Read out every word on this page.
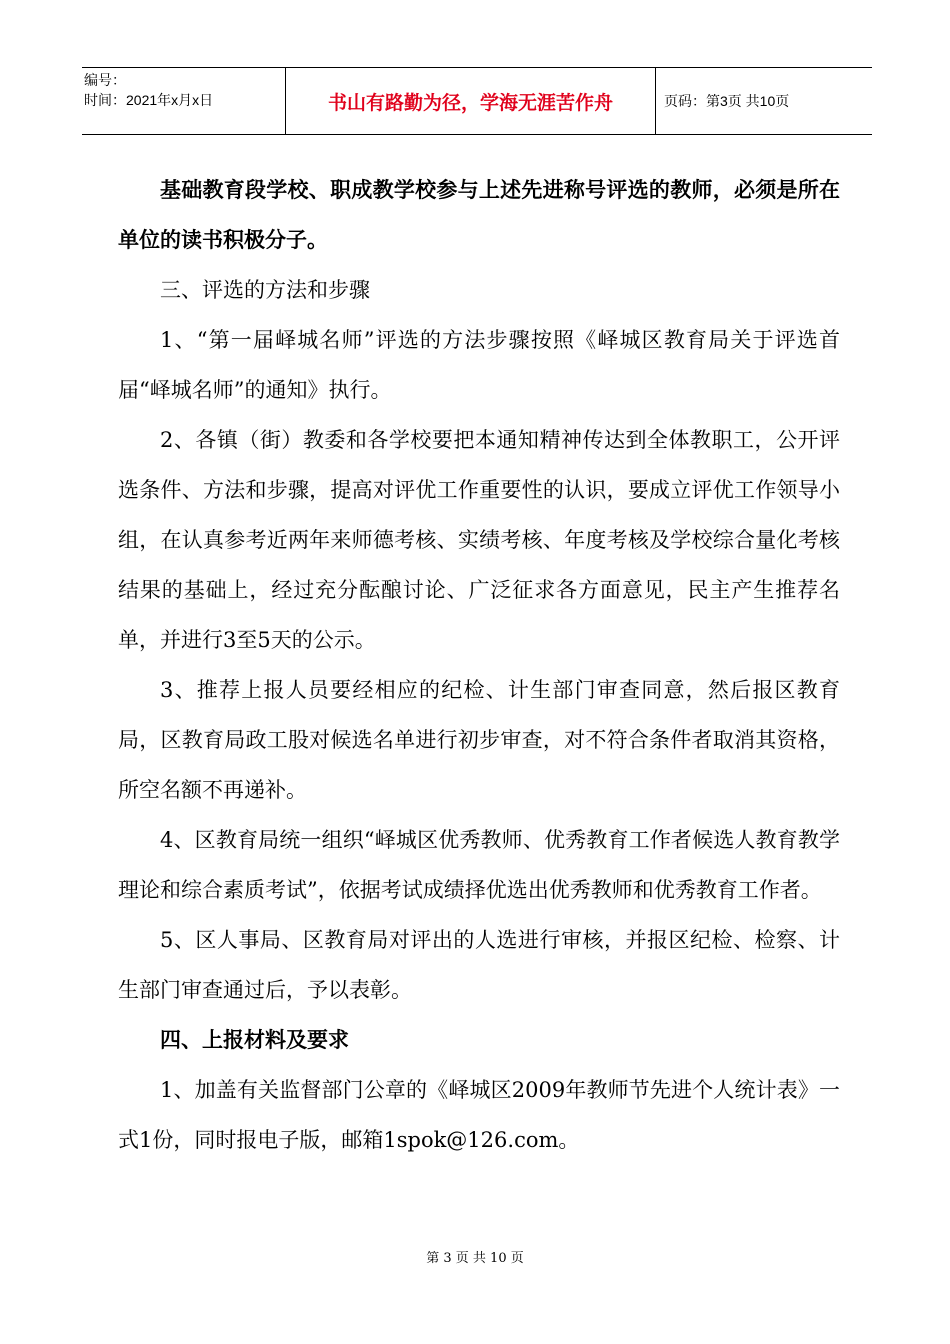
编号：
时间：2021年x月x日	书山有路勤为径，学海无涯苦作舟	页码：第3页 共10页

基础教育段学校、职成教学校参与上述先进称号评选的教师，必须是所在单位的读书积极分子。

三、评选的方法和步骤

1、“第一届峄城名师”评选的方法步骤按照《峄城区教育局关于评选首届“峄城名师”的通知》执行。

2、各镇（街）教委和各学校要把本通知精神传达到全体教职工，公开评选条件、方法和步骤，提高对评优工作重要性的认识，要成立评优工作领导小组，在认真参考近两年来师德考核、实绩考核、年度考核及学校综合量化考核结果的基础上，经过充分酝酿讨论、广泛征求各方面意见，民主产生推荐名单，并进行3至5天的公示。

3、推荐上报人员要经相应的纪检、计生部门审查同意，然后报区教育局，区教育局政工股对候选名单进行初步审查，对不符合条件者取消其资格，所空名额不再递补。

4、区教育局统一组织“峄城区优秀教师、优秀教育工作者候选人教育教学理论和综合素质考试”，依据考试成绩择优选出优秀教师和优秀教育工作者。

5、区人事局、区教育局对评出的人选进行审核，并报区纪检、检察、计生部门审查通过后，予以表彰。

四、上报材料及要求

1、加盖有关监督部门公章的《峄城区2009年教师节先进个人统计表》一式1份，同时报电子版，邮箱1spok@126.com。

第 3 页 共 10 页
